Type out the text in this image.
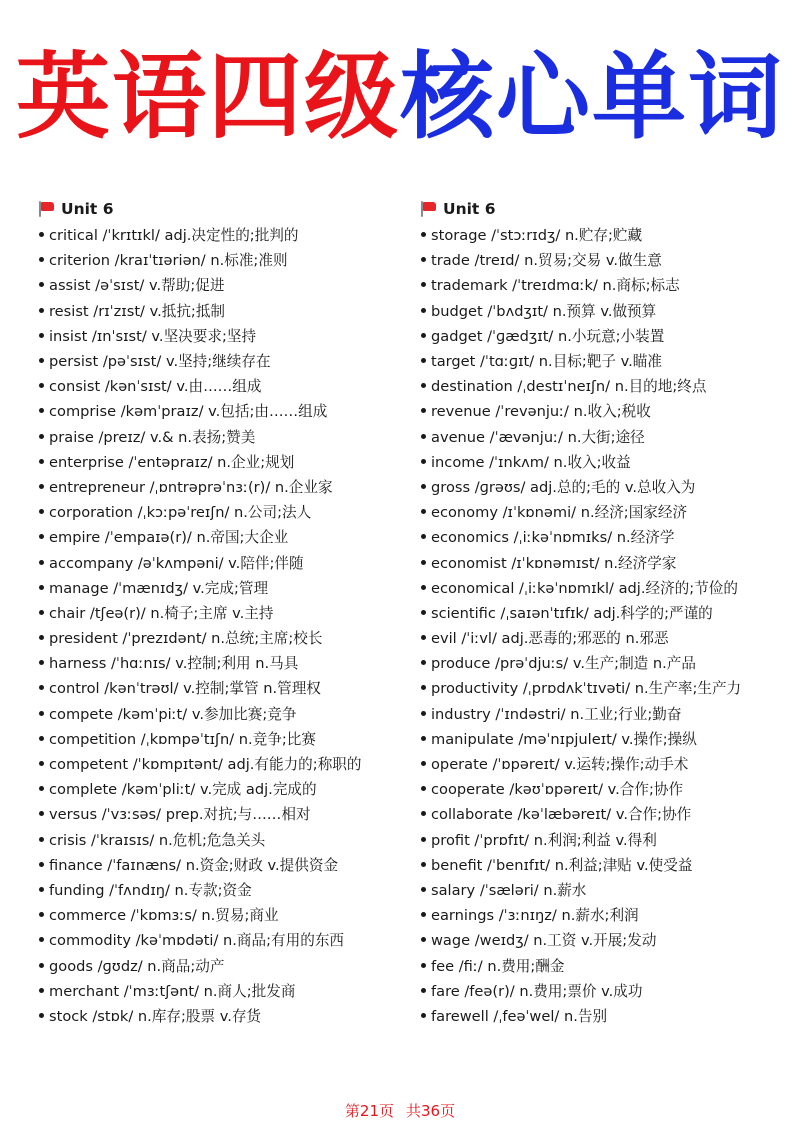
英语四级核心单词
Unit 6
critical /ˈkrɪtɪkl/ adj.决定性的;批判的
criterion /kraɪˈtɪəriən/ n.标准;准则
assist /əˈsɪst/ v.帮助;促进
resist /rɪˈzɪst/ v.抵抗;抵制
insist /ɪnˈsɪst/ v.坚决要求;坚持
persist /pəˈsɪst/ v.坚持;继续存在
consist /kənˈsɪst/ v.由……组成
comprise /kəmˈpraɪz/ v.包括;由……组成
praise /preɪz/ v.& n.表扬;赞美
enterprise /ˈentəpraɪz/ n.企业;规划
entrepreneur /ˌɒntrəprəˈnɜː(r)/ n.企业家
corporation /ˌkɔːpəˈreɪʃn/ n.公司;法人
empire /ˈempaɪə(r)/ n.帝国;大企业
accompany /əˈkʌmpəni/ v.陪伴;伴随
manage /ˈmænɪdʒ/ v.完成;管理
chair /tʃeə(r)/ n.椅子;主席 v.主持
president /ˈprezɪdənt/ n.总统;主席;校长
harness /ˈhɑːnɪs/ v.控制;利用 n.马具
control /kənˈtrəʊl/ v.控制;掌管 n.管理权
compete /kəmˈpiːt/ v.参加比赛;竞争
competition /ˌkɒmpəˈtɪʃn/ n.竞争;比赛
competent /ˈkɒmpɪtənt/ adj.有能力的;称职的
complete /kəmˈpliːt/ v.完成 adj.完成的
versus /ˈvɜːsəs/ prep.对抗;与……相对
crisis /ˈkraɪsɪs/ n.危机;危急关头
finance /ˈfaɪnæns/ n.资金;财政 v.提供资金
funding /ˈfʌndɪŋ/ n.专款;资金
commerce /ˈkɒmɜːs/ n.贸易;商业
commodity /kəˈmɒdəti/ n.商品;有用的东西
goods /ɡʊdz/ n.商品;动产
merchant /ˈmɜːtʃənt/ n.商人;批发商
stock /stɒk/ n.库存;股票 v.存货
Unit 6
storage /ˈstɔːrɪdʒ/ n.贮存;贮藏
trade /treɪd/ n.贸易;交易 v.做生意
trademark /ˈtreɪdmɑːk/ n.商标;标志
budget /ˈbʌdʒɪt/ n.预算 v.做预算
gadget /ˈɡædʒɪt/ n.小玩意;小装置
target /ˈtɑːɡɪt/ n.目标;靶子 v.瞄准
destination /ˌdestɪˈneɪʃn/ n.目的地;终点
revenue /ˈrevənjuː/ n.收入;税收
avenue /ˈævənjuː/ n.大街;途径
income /ˈɪnkʌm/ n.收入;收益
gross /ɡrəʊs/ adj.总的;毛的 v.总收入为
economy /ɪˈkɒnəmi/ n.经济;国家经济
economics /ˌiːkəˈnɒmɪks/ n.经济学
economist /ɪˈkɒnəmɪst/ n.经济学家
economical /ˌiːkəˈnɒmɪkl/ adj.经济的;节俭的
scientific /ˌsaɪənˈtɪfɪk/ adj.科学的;严谨的
evil /ˈiːvl/ adj.恶毒的;邪恶的 n.邪恶
produce /prəˈdjuːs/ v.生产;制造 n.产品
productivity /ˌprɒdʌkˈtɪvəti/ n.生产率;生产力
industry /ˈɪndəstri/ n.工业;行业;勤奋
manipulate /məˈnɪpjuleɪt/ v.操作;操纵
operate /ˈɒpəreɪt/ v.运转;操作;动手术
cooperate /kəʊˈɒpəreɪt/ v.合作;协作
collaborate /kəˈlæbəreɪt/ v.合作;协作
profit /ˈprɒfɪt/ n.利润;利益 v.得利
benefit /ˈbenɪfɪt/ n.利益;津贴 v.使受益
salary /ˈsæləri/ n.薪水
earnings /ˈɜːnɪŋz/ n.薪水;利润
wage /weɪdʒ/ n.工资 v.开展;发动
fee /fiː/ n.费用;酬金
fare /feə(r)/ n.费用;票价 v.成功
farewell /ˌfeəˈwel/ n.告别
第21页 共36页
